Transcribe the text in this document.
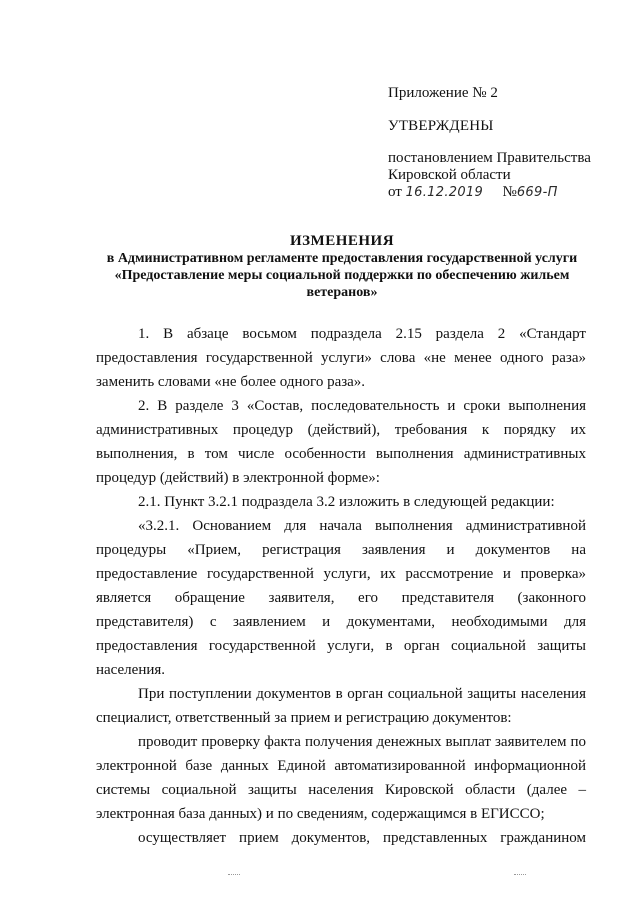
Приложение № 2
УТВЕРЖДЕНЫ
постановлением Правительства
Кировской области
от 16.12.2019 №669-П
ИЗМЕНЕНИЯ
в Административном регламенте предоставления государственной услуги «Предоставление меры социальной поддержки по обеспечению жильем ветеранов»

1. В абзаце восьмом подраздела 2.15 раздела 2 «Стандарт предоставления государственной услуги» слова «не менее одного раза» заменить словами «не более одного раза».

2. В разделе 3 «Состав, последовательность и сроки выполнения административных процедур (действий), требования к порядку их выполнения, в том числе особенности выполнения административных процедур (действий) в электронной форме»:

2.1. Пункт 3.2.1 подраздела 3.2 изложить в следующей редакции:

«3.2.1. Основанием для начала выполнения административной процедуры «Прием, регистрация заявления и документов на предоставление государственной услуги, их рассмотрение и проверка» является обращение заявителя, его представителя (законного представителя) с заявлением и документами, необходимыми для предоставления государственной услуги, в орган социальной защиты населения.

При поступлении документов в орган социальной защиты населения специалист, ответственный за прием и регистрацию документов:

проводит проверку факта получения денежных выплат заявителем по электронной базе данных Единой автоматизированной информационной системы социальной защиты населения Кировской области (далее – электронная база данных) и по сведениям, содержащимся в ЕГИССО;

осуществляет прием документов, представленных гражданином
